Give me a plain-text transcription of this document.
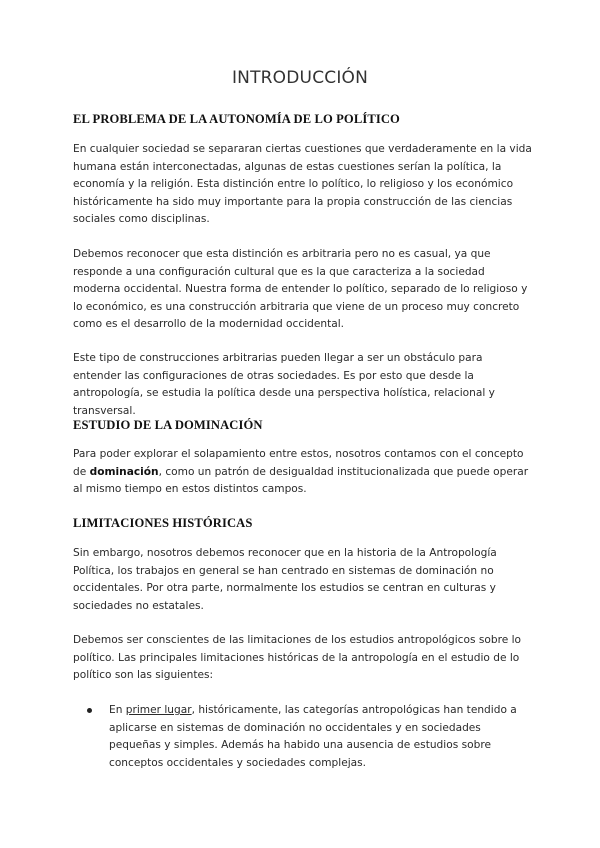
INTRODUCCIÓN
EL PROBLEMA DE LA AUTONOMÍA DE LO POLÍTICO
En cualquier sociedad se separaran ciertas cuestiones que verdaderamente en la vida humana están interconectadas, algunas de estas cuestiones serían la política, la economía y la religión. Esta distinción entre lo político, lo religioso y los económico históricamente ha sido muy importante para la propia construcción de las ciencias sociales como disciplinas.
Debemos reconocer que esta distinción es arbitraria pero no es casual, ya que responde a una configuración cultural que es la que caracteriza a la sociedad moderna occidental. Nuestra forma de entender lo político, separado de lo religioso y lo económico, es una construcción arbitraria que viene de un proceso muy concreto como es el desarrollo de la modernidad occidental.
Este tipo de construcciones arbitrarias pueden llegar a ser un obstáculo para entender las configuraciones de otras sociedades. Es por esto que desde la antropología, se estudia la política desde una perspectiva holística, relacional y transversal.
ESTUDIO DE LA DOMINACIÓN
Para poder explorar el solapamiento entre estos, nosotros contamos con el concepto de dominación, como un patrón de desigualdad institucionalizada que puede operar al mismo tiempo en estos distintos campos.
LIMITACIONES HISTÓRICAS
Sin embargo, nosotros debemos reconocer que en la historia de la Antropología Política, los trabajos en general se han centrado en sistemas de dominación no occidentales. Por otra parte, normalmente los estudios se centran en culturas y sociedades no estatales.
Debemos ser conscientes de las limitaciones de los estudios antropológicos sobre lo político. Las principales limitaciones históricas de la antropología en el estudio de lo político son las siguientes:
En primer lugar, históricamente, las categorías antropológicas han tendido a aplicarse en sistemas de dominación no occidentales y en sociedades pequeñas y simples. Además ha habido una ausencia de estudios sobre conceptos occidentales y sociedades complejas.
